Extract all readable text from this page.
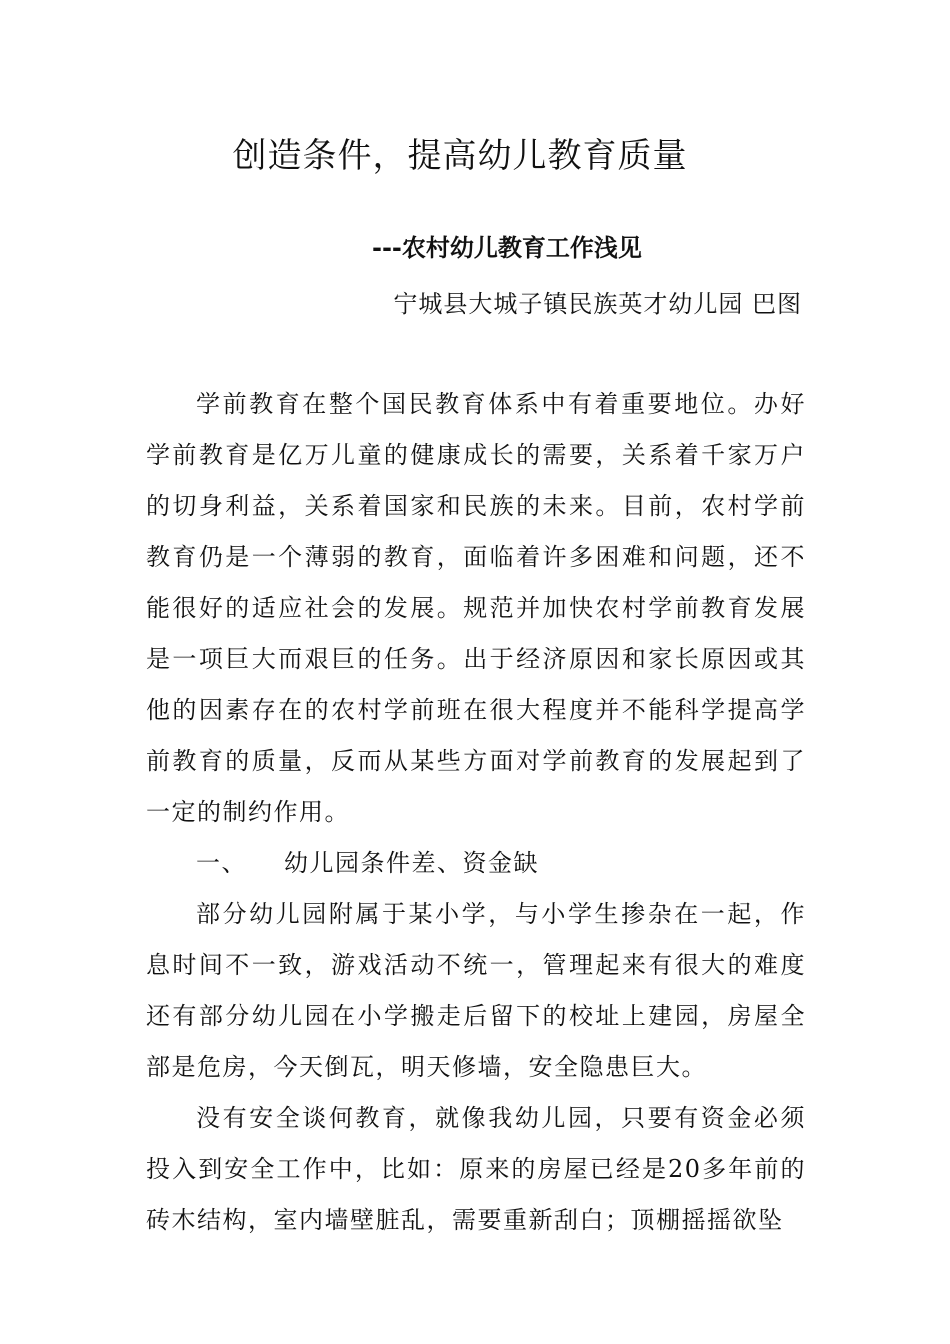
创造条件，提高幼儿教育质量
---农村幼儿教育工作浅见
宁城县大城子镇民族英才幼儿园 巴图

学前教育在整个国民教育体系中有着重要地位。办好学前教育是亿万儿童的健康成长的需要，关系着千家万户的切身利益，关系着国家和民族的未来。目前，农村学前教育仍是一个薄弱的教育，面临着许多困难和问题，还不能很好的适应社会的发展。规范并加快农村学前教育发展是一项巨大而艰巨的任务。出于经济原因和家长原因或其他的因素存在的农村学前班在很大程度并不能科学提高学前教育的质量，反而从某些方面对学前教育的发展起到了一定的制约作用。

一、 幼儿园条件差、资金缺

部分幼儿园附属于某小学，与小学生掺杂在一起，作息时间不一致，游戏活动不统一，管理起来有很大的难度还有部分幼儿园在小学搬走后留下的校址上建园，房屋全部是危房，今天倒瓦，明天修墙，安全隐患巨大。

没有安全谈何教育，就像我幼儿园，只要有资金必须投入到安全工作中，比如：原来的房屋已经是20多年前的砖木结构，室内墙壁脏乱，需要重新刮白；顶棚摇摇欲坠
